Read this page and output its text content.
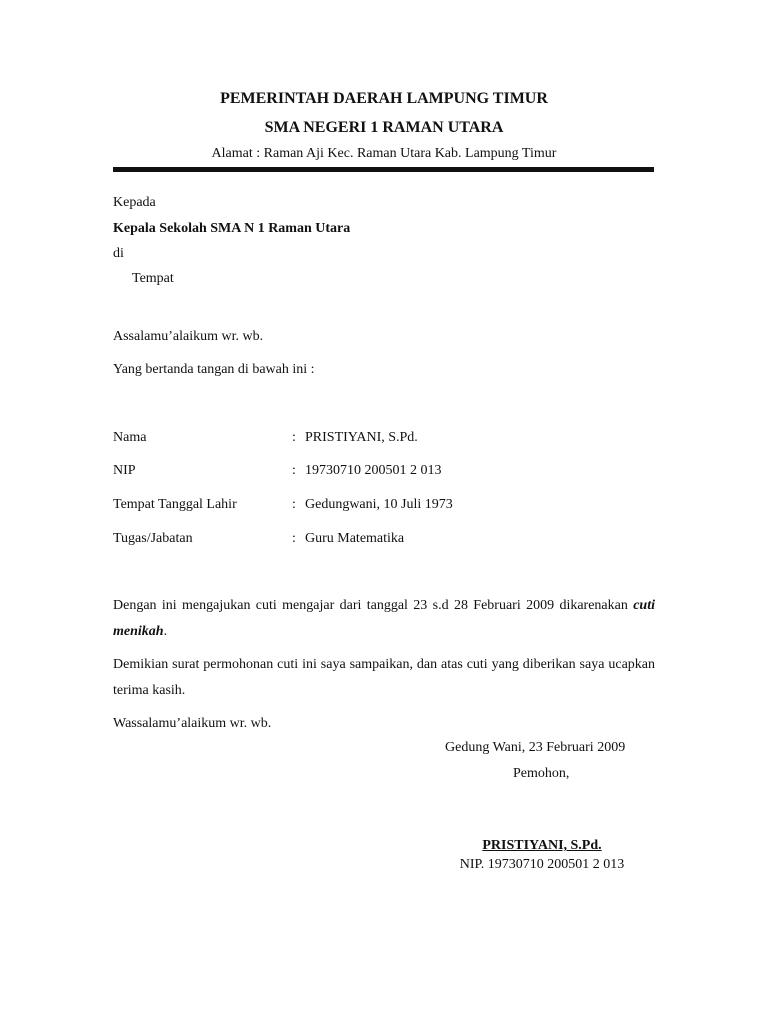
PEMERINTAH DAERAH LAMPUNG TIMUR
SMA NEGERI 1 RAMAN UTARA
Alamat : Raman Aji Kec. Raman Utara Kab. Lampung Timur
Kepada
Kepala Sekolah SMA N 1 Raman Utara
di
Tempat
Assalamu’alaikum wr. wb.
Yang bertanda tangan di bawah ini :
Nama	: PRISTIYANI, S.Pd.
NIP	: 19730710 200501 2 013
Tempat Tanggal Lahir	: Gedungwani, 10 Juli 1973
Tugas/Jabatan	: Guru Matematika
Dengan ini mengajukan cuti mengajar dari tanggal 23 s.d 28 Februari 2009 dikarenakan cuti menikah.
Demikian surat permohonan cuti ini saya sampaikan, dan atas cuti yang diberikan saya ucapkan terima kasih.
Wassalamu’alaikum wr. wb.
Gedung Wani, 23 Februari 2009
Pemohon,
PRISTIYANI, S.Pd.
NIP. 19730710 200501 2 013
